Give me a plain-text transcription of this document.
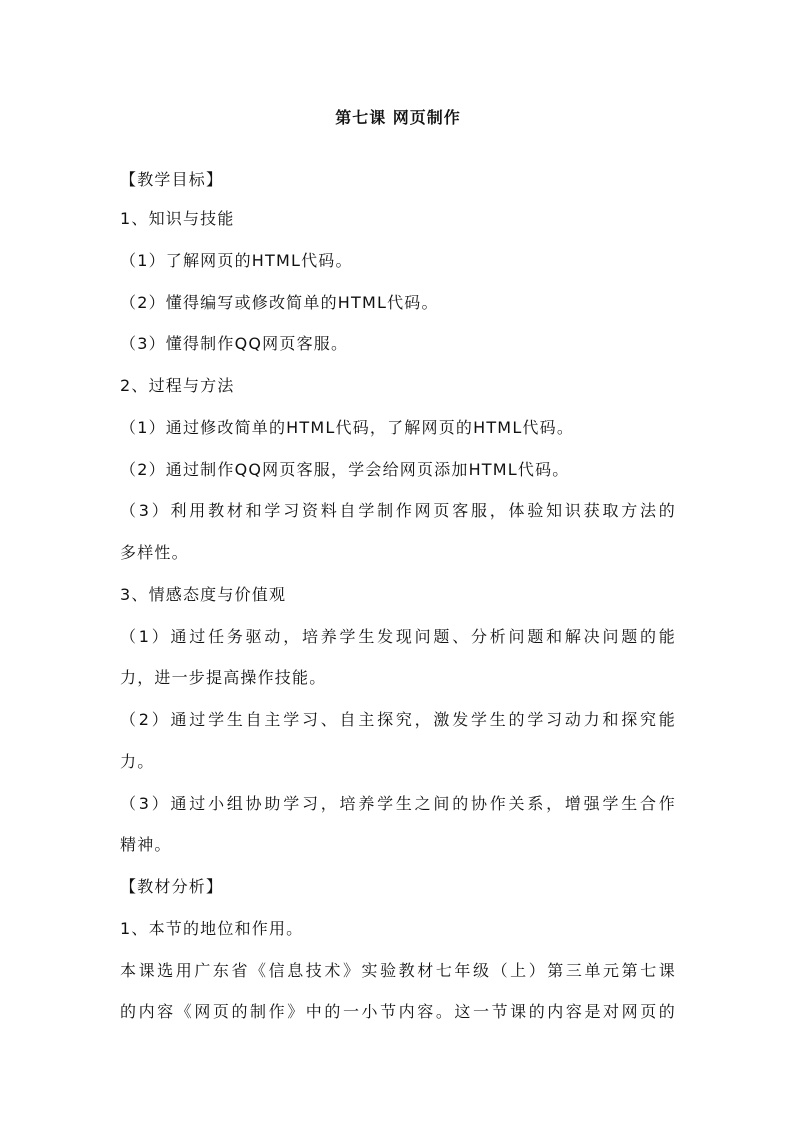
第七课 网页制作
【教学目标】
1、知识与技能
（1）了解网页的HTML代码。
（2）懂得编写或修改简单的HTML代码。
（3）懂得制作QQ网页客服。
2、过程与方法
（1）通过修改简单的HTML代码，了解网页的HTML代码。
（2）通过制作QQ网页客服，学会给网页添加HTML代码。
（3）利用教材和学习资料自学制作网页客服，体验知识获取方法的
多样性。
3、情感态度与价值观
（1）通过任务驱动，培养学生发现问题、分析问题和解决问题的能
力，进一步提高操作技能。
（2）通过学生自主学习、自主探究，激发学生的学习动力和探究能
力。
（3）通过小组协助学习，培养学生之间的协作关系，增强学生合作
精神。
【教材分析】
1、本节的地位和作用。
本课选用广东省《信息技术》实验教材七年级（上）第三单元第七课
的内容《网页的制作》中的一小节内容。这一节课的内容是对网页的
